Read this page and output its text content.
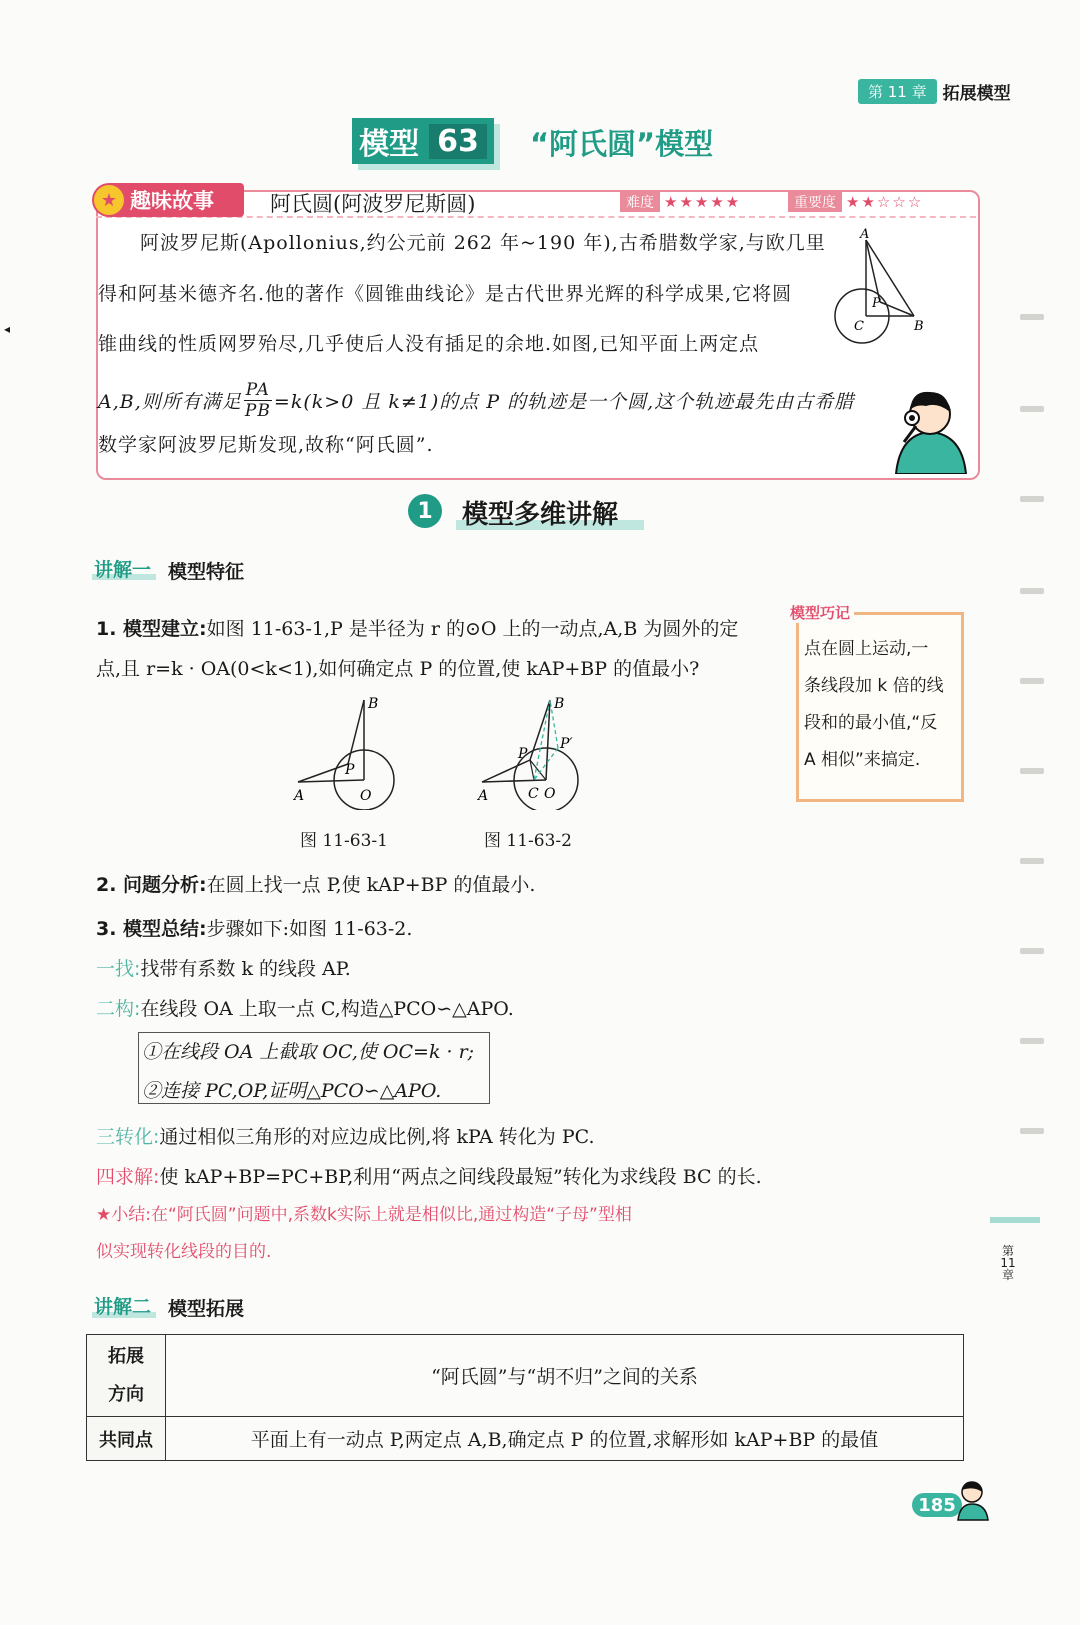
第 11 章 拓展模型
模型 63 “阿氏圆”模型
★ 趣味故事	阿氏圆(阿波罗尼斯圆)	难度 ★★★★★	重要度 ★★☆☆☆
阿波罗尼斯(Apollonius,约公元前 262 年~190 年),古希腊数学家,与欧几里
得和阿基米德齐名.他的著作《圆锥曲线论》是古代世界光辉的科学成果,它将圆
锥曲线的性质网罗殆尽,几乎使后人没有插足的余地.如图,已知平面上两定点
A,B,则所有满足 $\frac{PA}{PB} =k(k>0$ 且 k≠1)的点 P 的轨迹是一个圆,这个轨迹最先由古希腊
数学家阿波罗尼斯发现,故称“阿氏圆”.
A
B
C
P
1	模型多维讲解
讲解一 模型特征
1. 模型建立:如图 11-63-1,P 是半径为 r 的⊙O 上的一动点,A,B 为圆外的定
点,且 r=k · OA(0<k<1),如何确定点 P 的位置,使 kAP+BP 的值最小?
模型巧记
点在圆上运动,一
条线段加 k 倍的线
段和的最小值,“反
A 相似”来搞定.
B
A	O
P
图 11-63-1
B
A	C O
P
P′
图 11-63-2
2. 问题分析:在圆上找一点 P,使 kAP+BP 的值最小.
3. 模型总结:步骤如下:如图 11-63-2.
一找:找带有系数 k 的线段 AP.
二构:在线段 OA 上取一点 C,构造△PCO∽△APO.
①在线段 OA 上截取 OC,使 OC=k · r;
②连接 PC,OP,证明△PCO∽△APO.
三转化:通过相似三角形的对应边成比例,将 kPA 转化为 PC.
四求解:使 kAP+BP=PC+BP,利用“两点之间线段最短”转化为求线段 BC 的长.
★小结:在“阿氏圆”问题中,系数k实际上就是相似比,通过构造“子母”型相
似实现转化线段的目的.
讲解二 模型拓展
拓展
方向	“阿氏圆”与“胡不归”之间的关系
共同点	平面上有一动点 P,两定点 A,B,确定点 P 的位置,求解形如 kAP+BP 的最值
第
11
章
◂
185
